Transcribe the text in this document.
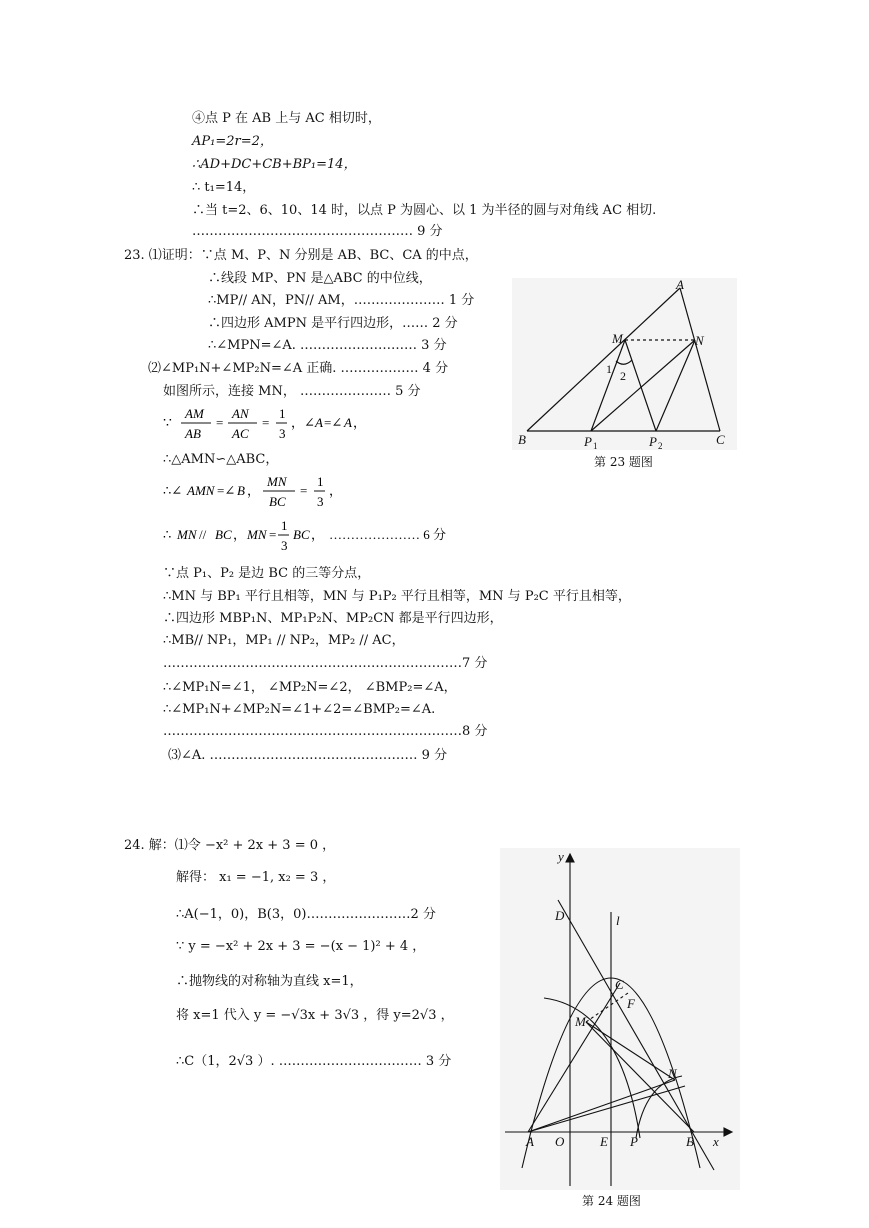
④点 P 在 AB 上与 AC 相切时，
AP₁=2r=2，
∴AD+DC+CB+BP₁=14，
∴ t₁=14，
∴当 t=2、6、10、14 时，以点 P 为圆心、以 1 为半径的圆与对角线 AC 相切.
…………………………………………… 9 分
23. ⑴证明：∵点 M、P、N 分别是 AB、BC、CA 的中点，
∴线段 MP、PN 是△ABC 的中位线，
∴MP// AN，PN// AM，………………… 1 分
∴四边形 AMPN 是平行四边形，…… 2 分
∴∠MPN=∠A. ……………………… 3 分
⑵∠MP₁N+∠MP₂N=∠A 正确. ……………… 4 分
如图所示，连接 MN， ………………… 5 分
∵
AM
AB
=
AN
AC
=
1
3
，∠ A =∠ A ，
∴△AMN∽△ABC，
∴∠ AMN =∠ B ，
MN
BC
=
1
3
，
∴ MN // BC ， MN =
1
3
BC ， ………………… 6 分
∵点 P₁、P₂ 是边 BC 的三等分点，
∴MN 与 BP₁ 平行且相等，MN 与 P₁P₂ 平行且相等，MN 与 P₂C 平行且相等，
∴四边形 MBP₁N、MP₁P₂N、MP₂CN 都是平行四边形，
∴MB// NP₁，MP₁ // NP₂，MP₂ // AC，
……………………………………………………………7 分
∴∠MP₁N=∠1， ∠MP₂N=∠2， ∠BMP₂=∠A，
∴∠MP₁N+∠MP₂N=∠1+∠2=∠BMP₂=∠A.
……………………………………………………………8 分
⑶∠A. ………………………………………… 9 分
24. 解：⑴令 −x² + 2x + 3 = 0 ，
解得： x₁ = −1, x₂ = 3 ，
∴A(−1，0)，B(3，0)……………………2 分
∵ y = −x² + 2x + 3 = −(x − 1)² + 4 ，
∴抛物线的对称轴为直线 x=1，
将 x=1 代入 y = −√3x + 3√3 ，得 y=2√3 ，
∴C（1，2√3 ）. …………………………… 3 分
A
B	C
M	N
P	P
1	2
1 2
第 23 题图
y
x
D	l
C
F
M
N
A O	E P	B
第 24 题图
